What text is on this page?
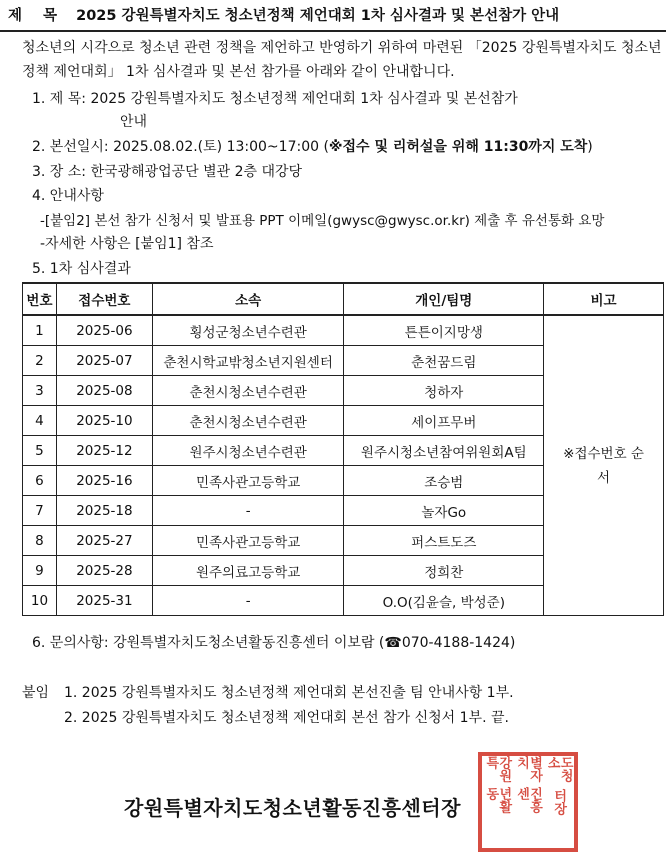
제 목 2025 강원특별자치도 청소년정책 제언대회 1차 심사결과 및 본선참가 안내
청소년의 시각으로 청소년 관련 정책을 제언하고 반영하기 위하여 마련된 「2025 강원특별자치도 청소년정책 제언대회」 1차 심사결과 및 본선 참가를 아래와 같이 안내합니다.
1. 제 목: 2025 강원특별자치도 청소년정책 제언대회 1차 심사결과 및 본선참가
안내
2. 본선일시: 2025.08.02.(토) 13:00~17:00 (※접수 및 리허설을 위해 11:30까지 도착)
3. 장 소: 한국광해광업공단 별관 2층 대강당
4. 안내사항
-[붙임2] 본선 참가 신청서 및 발표용 PPT 이메일(gwysc@gwysc.or.kr) 제출 후 유선통화 요망
-자세한 사항은 [붙임1] 참조
5. 1차 심사결과
번호	접수번호	소속	개인/팀명	비고
1	2025-06	횡성군청소년수련관	튼튼이지망생	※접수번호 순서
2	2025-07	춘천시학교밖청소년지원센터	춘천꿈드림	
3	2025-08	춘천시청소년수련관	청하자	
4	2025-10	춘천시청소년수련관	세이프무버	
5	2025-12	원주시청소년수련관	원주시청소년참여위원회A팀	
6	2025-16	민족사관고등학교	조승범	
7	2025-18	-	놀자Go	
8	2025-27	민족사관고등학교	퍼스트도즈	
9	2025-28	원주의료고등학교	정희찬	
10	2025-31	-	O.O(김윤슬, 박성준)	
6. 문의사항: 강원특별자치도청소년활동진흥센터 이보람 (☎070-4188-1424)
붙임 1. 2025 강원특별자치도 청소년정책 제언대회 본선진출 팀 안내사항 1부.
2. 2025 강원특별자치도 청소년정책 제언대회 본선 참가 신청서 1부. 끝.
강원특별자치도청소년활동진흥센터장
강원특	별자치	도청소
년활동	진흥센	터장
